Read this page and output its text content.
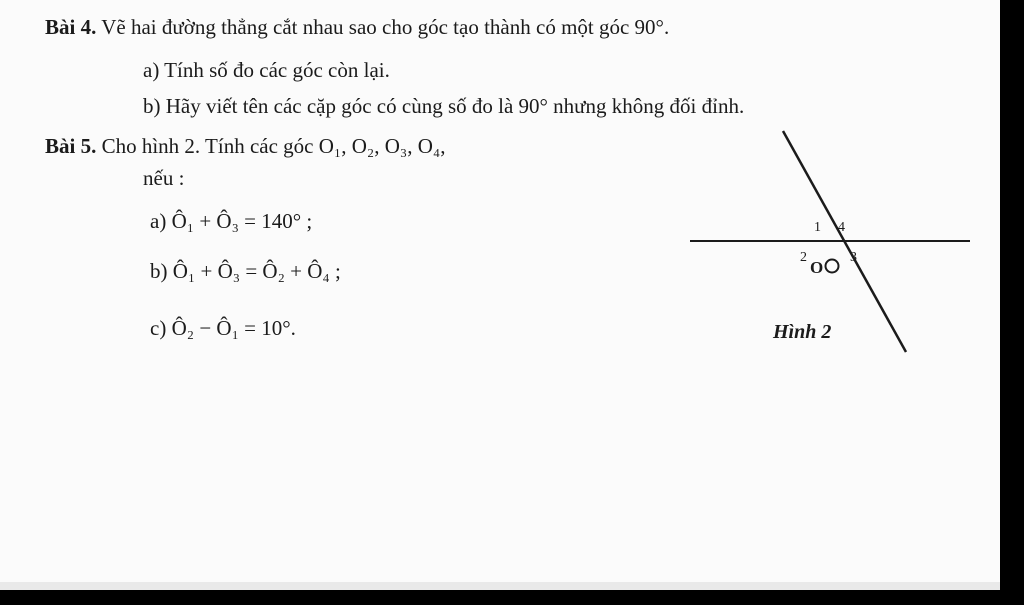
Bài 4. Vẽ hai đường thẳng cắt nhau sao cho góc tạo thành có một góc 90°.
a) Tính số đo các góc còn lại.
b) Hãy viết tên các cặp góc có cùng số đo là 90° nhưng không đối đỉnh.
Bài 5. Cho hình 2. Tính các góc O₁, O₂, O₃, O₄,
nếu :
a) Ô₁ + Ô₃ = 140° ;
b) Ô₁ + Ô₃ = Ô₂ + Ô₄ ;
c) Ô₂ − Ô₁ = 10°.
1
2	3
4
O
Hình 2
